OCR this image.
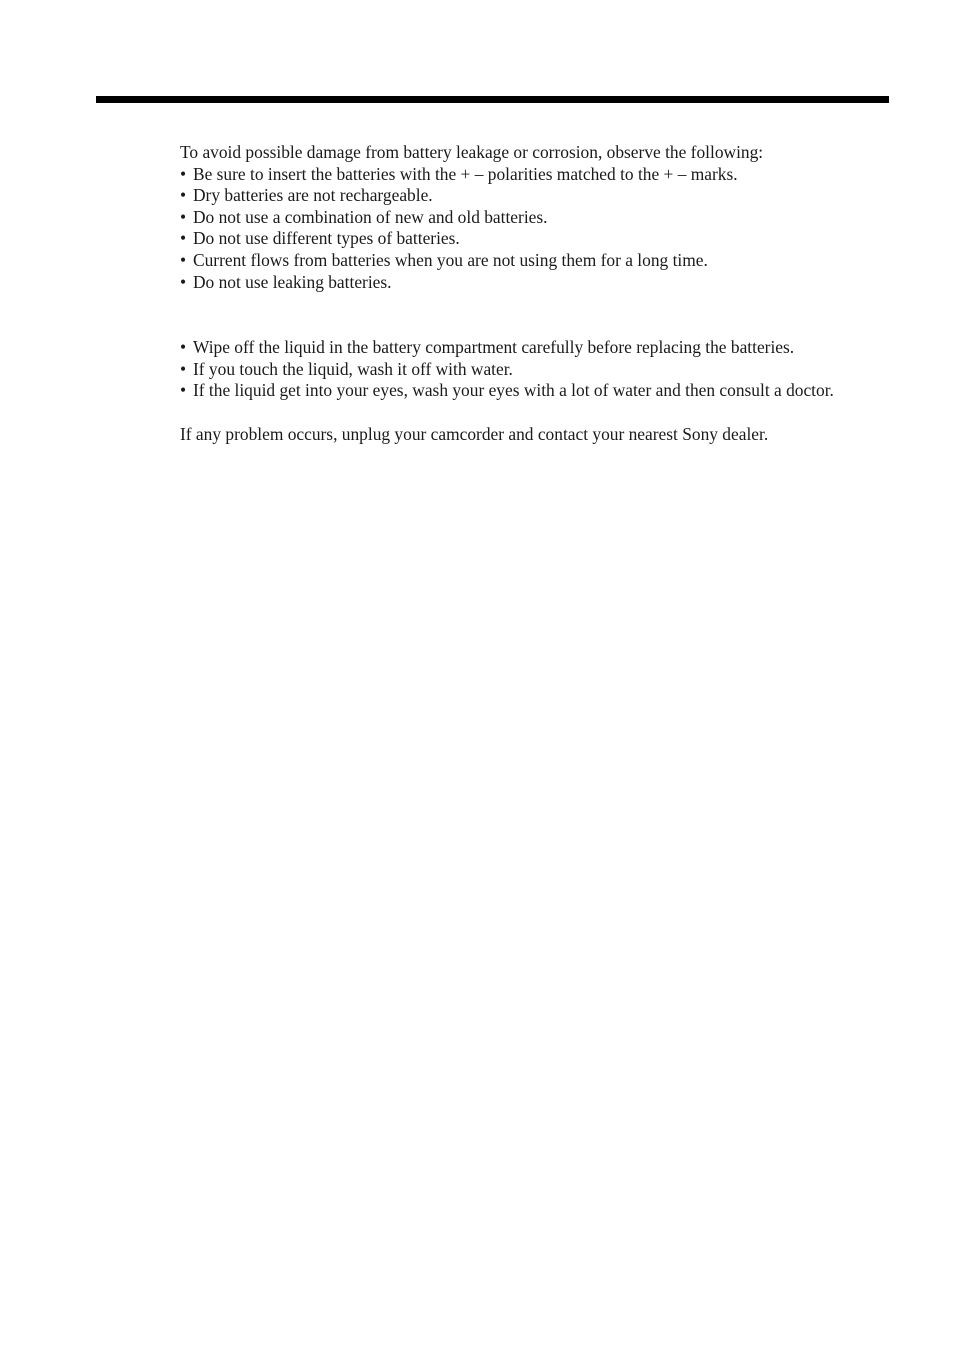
To avoid possible damage from battery leakage or corrosion, observe the following:

• Be sure to insert the batteries with the + – polarities matched to the + – marks.
• Dry batteries are not rechargeable.
• Do not use a combination of new and old batteries.
• Do not use different types of batteries.
• Current flows from batteries when you are not using them for a long time.
• Do not use leaking batteries.
• Wipe off the liquid in the battery compartment carefully before replacing the batteries.
• If you touch the liquid, wash it off with water.
• If the liquid get into your eyes, wash your eyes with a lot of water and then consult a doctor.

If any problem occurs, unplug your camcorder and contact your nearest Sony dealer.
